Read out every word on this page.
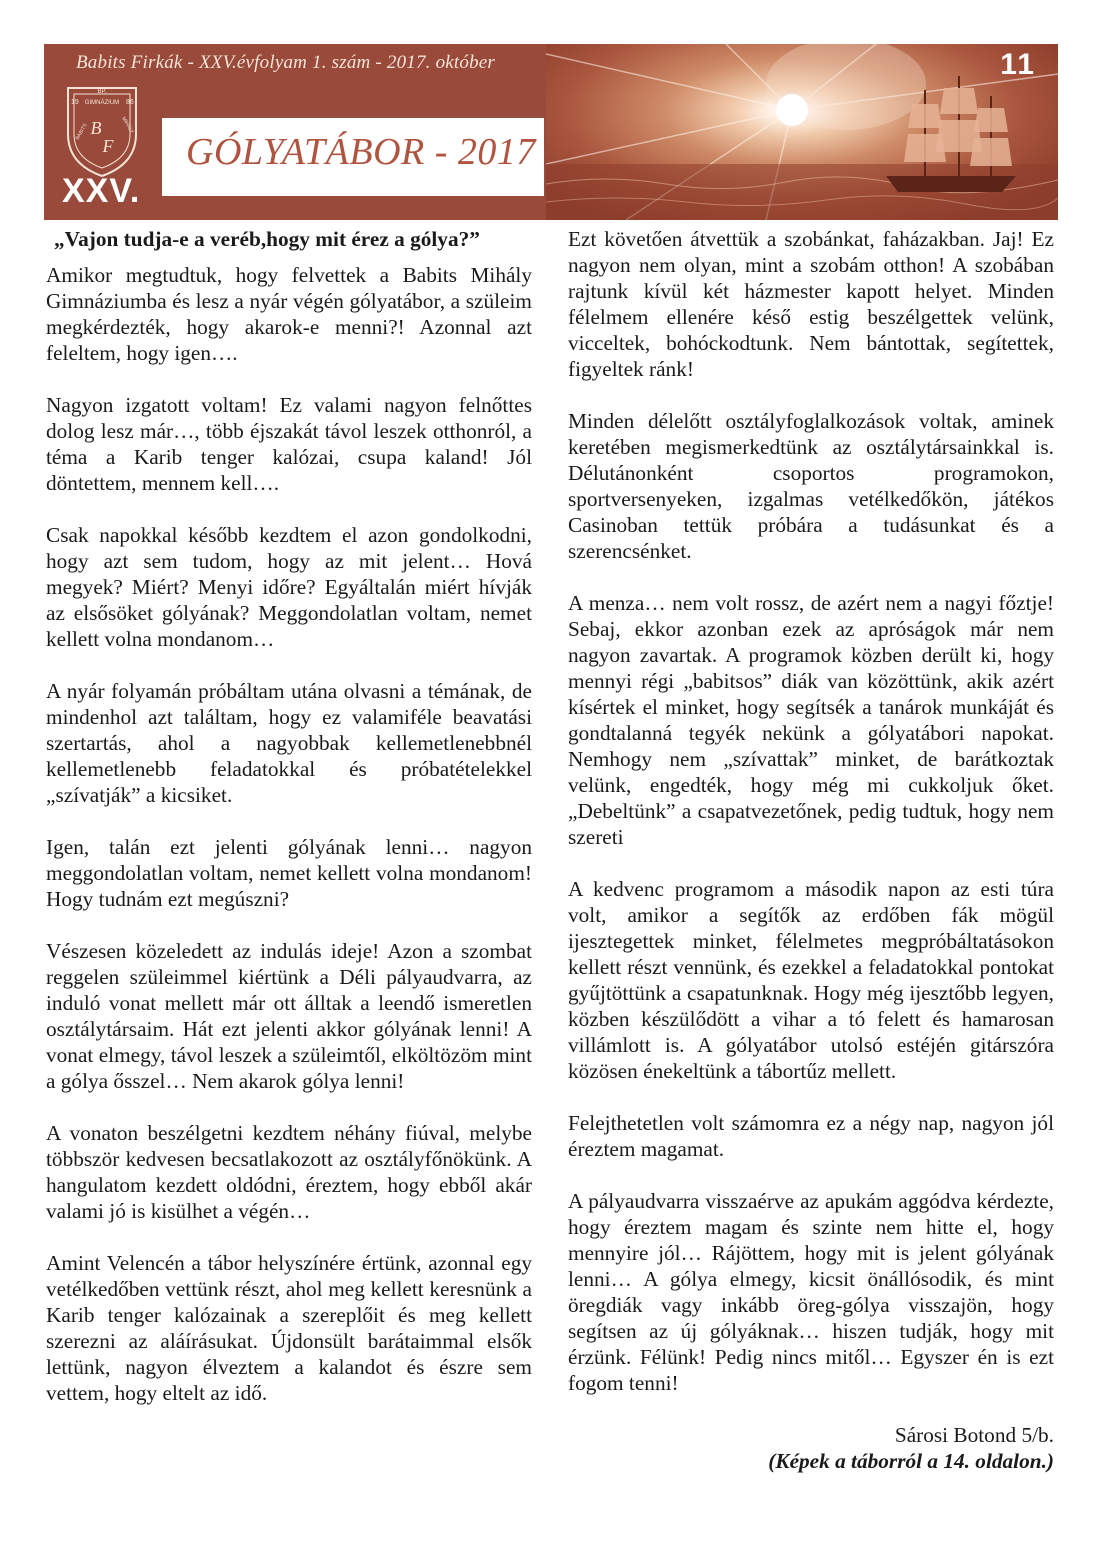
Babits Firkák - XXV.évfolyam 1. szám - 2017. október
BP.
19	86
GIMNÁZIUM
BABITS	MIHÁLY
B
F
XXV.
GÓLYATÁBOR - 2017
11
„Vajon tudja-e a veréb,hogy mit érez a gólya?”

Amikor megtudtuk, hogy felvettek a Babits Mihály Gimnáziumba és lesz a nyár végén gólyatábor, a szüleim megkérdezték, hogy akarok-e menni?! Azonnal azt feleltem, hogy igen….

Nagyon izgatott voltam! Ez valami nagyon felnőttes dolog lesz már…, több éjszakát távol leszek otthonról, a téma a Karib tenger kalózai, csupa kaland! Jól döntettem, mennem kell….

Csak napokkal később kezdtem el azon gondolkodni, hogy azt sem tudom, hogy az mit jelent… Hová megyek? Miért? Menyi időre? Egyáltalán miért hívják az elsősöket gólyának? Meggondolatlan voltam, nemet kellett volna mondanom…

A nyár folyamán próbáltam utána olvasni a témának, de mindenhol azt találtam, hogy ez valamiféle beavatási szertartás, ahol a nagyobbak kellemetlenebbnél kellemetlenebb feladatokkal és próbatételekkel „szívatják” a kicsiket.

Igen, talán ezt jelenti gólyának lenni… nagyon meggondolatlan voltam, nemet kellett volna mondanom! Hogy tudnám ezt megúszni?

Vészesen közeledett az indulás ideje! Azon a szombat reggelen szüleimmel kiértünk a Déli pályaudvarra, az induló vonat mellett már ott álltak a leendő ismeretlen osztálytársaim. Hát ezt jelenti akkor gólyának lenni! A vonat elmegy, távol leszek a szüleimtől, elköltözöm mint a gólya ősszel… Nem akarok gólya lenni!

A vonaton beszélgetni kezdtem néhány fiúval, melybe többször kedvesen becsatlakozott az osztályfőnökünk. A hangulatom kezdett oldódni, éreztem, hogy ebből akár valami jó is kisülhet a végén…

Amint Velencén a tábor helyszínére értünk, azonnal egy vetélkedőben vettünk részt, ahol meg kellett keresnünk a Karib tenger kalózainak a szereplőit és meg kellett szerezni az aláírásukat. Újdonsült barátaimmal elsők lettünk, nagyon élveztem a kalandot és észre sem vettem, hogy eltelt az idő.

Ezt követően átvettük a szobánkat, faházakban. Jaj! Ez nagyon nem olyan, mint a szobám otthon! A szobában rajtunk kívül két házmester kapott helyet. Minden félelmem ellenére késő estig beszélgettek velünk, vicceltek, bohóckodtunk. Nem bántottak, segítettek, figyeltek ránk!

Minden délelőtt osztályfoglalkozások voltak, aminek keretében megismerkedtünk az osztálytársainkkal is. Délutánonként csoportos programokon, sportversenyeken, izgalmas vetélkedőkön, játékos Casinoban tettük próbára a tudásunkat és a szerencsénket.

A menza… nem volt rossz, de azért nem a nagyi főztje! Sebaj, ekkor azonban ezek az apróságok már nem nagyon zavartak. A programok közben derült ki, hogy mennyi régi „babitsos” diák van közöttünk, akik azért kísértek el minket, hogy segítsék a tanárok munkáját és gondtalanná tegyék nekünk a gólyatábori napokat. Nemhogy nem „szívattak” minket, de barátkoztak velünk, engedték, hogy még mi cukkoljuk őket. „Debeltünk” a csapatvezetőnek, pedig tudtuk, hogy nem szereti

A kedvenc programom a második napon az esti túra volt, amikor a segítők az erdőben fák mögül ijesztegettek minket, félelmetes megpróbáltatásokon kellett részt vennünk, és ezekkel a feladatokkal pontokat gyűjtöttünk a csapatunknak. Hogy még ijesztőbb legyen, közben készülődött a vihar a tó felett és hamarosan villámlott is. A gólyatábor utolsó estéjén gitárszóra közösen énekeltünk a tábortűz mellett.

Felejthetetlen volt számomra ez a négy nap, nagyon jól éreztem magamat.

A pályaudvarra visszaérve az apukám aggódva kérdezte, hogy éreztem magam és szinte nem hitte el, hogy mennyire jól… Rájöttem, hogy mit is jelent gólyának lenni… A gólya elmegy, kicsit önállósodik, és mint öregdiák vagy inkább öreg-gólya visszajön, hogy segítsen az új gólyáknak… hiszen tudják, hogy mit érzünk. Félünk! Pedig nincs mitől… Egyszer én is ezt fogom tenni!

Sárosi Botond 5/b.
(Képek a táborról a 14. oldalon.)
